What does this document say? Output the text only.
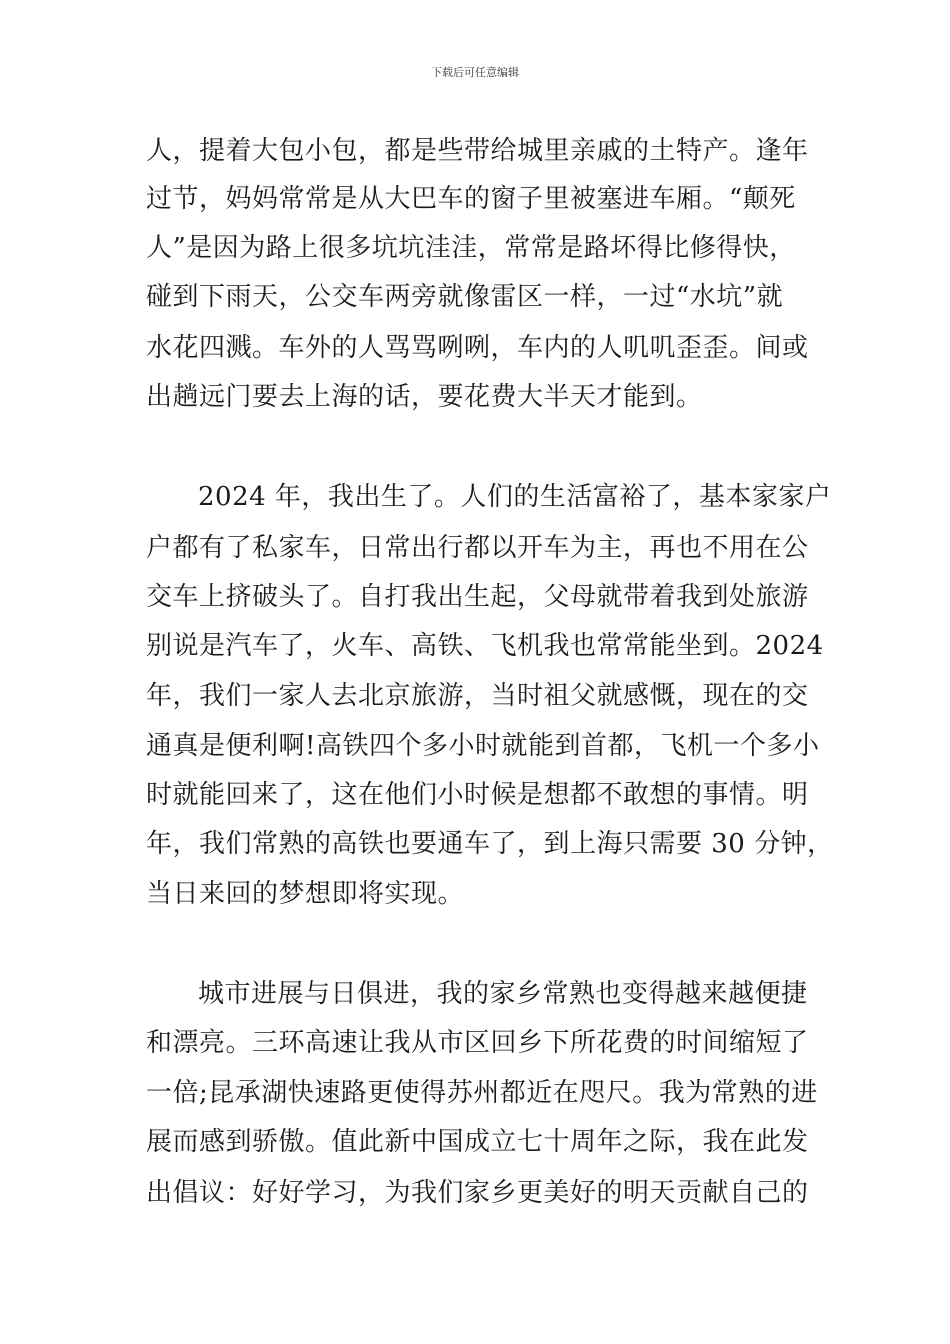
下载后可任意编辑
人，提着大包小包，都是些带给城里亲戚的土特产。逢年
过节，妈妈常常是从大巴车的窗子里被塞进车厢。“颠死
人”是因为路上很多坑坑洼洼，常常是路坏得比修得快，
碰到下雨天，公交车两旁就像雷区一样，一过“水坑”就
水花四溅。车外的人骂骂咧咧，车内的人叽叽歪歪。间或
出趟远门要去上海的话，要花费大半天才能到。
2024 年，我出生了。人们的生活富裕了，基本家家户
户都有了私家车，日常出行都以开车为主，再也不用在公
交车上挤破头了。自打我出生起，父母就带着我到处旅游
别说是汽车了，火车、高铁、飞机我也常常能坐到。2024
年，我们一家人去北京旅游，当时祖父就感慨，现在的交
通真是便利啊!高铁四个多小时就能到首都，飞机一个多小
时就能回来了，这在他们小时候是想都不敢想的事情。明
年，我们常熟的高铁也要通车了，到上海只需要 30 分钟，
当日来回的梦想即将实现。
城市进展与日俱进，我的家乡常熟也变得越来越便捷
和漂亮。三环高速让我从市区回乡下所花费的时间缩短了
一倍;昆承湖快速路更使得苏州都近在咫尺。我为常熟的进
展而感到骄傲。值此新中国成立七十周年之际，我在此发
出倡议：好好学习，为我们家乡更美好的明天贡献自己的
